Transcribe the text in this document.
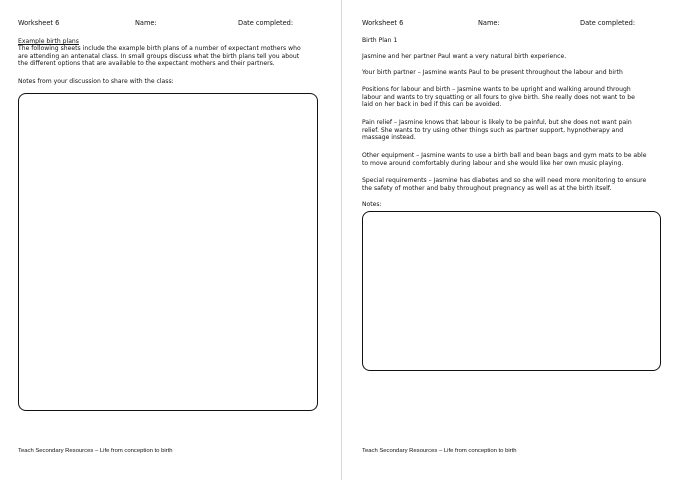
Worksheet 6	Name:	Date completed:
Example birth plans
The following sheets include the example birth plans of a number of expectant mothers who
are attending an antenatal class. In small groups discuss what the birth plans tell you about
the different options that are available to the expectant mothers and their partners.
Notes from your discussion to share with the class:
Teach Secondary Resources – Life from conception to birth
Worksheet 6	Name:	Date completed:
Birth Plan 1
Jasmine and her partner Paul want a very natural birth experience.
Your birth partner – Jasmine wants Paul to be present throughout the labour and birth
Positions for labour and birth – Jasmine wants to be upright and walking around through
labour and wants to try squatting or all fours to give birth. She really does not want to be
laid on her back in bed if this can be avoided.
Pain relief – Jasmine knows that labour is likely to be painful, but she does not want pain
relief. She wants to try using other things such as partner support, hypnotherapy and
massage instead.
Other equipment – Jasmine wants to use a birth ball and bean bags and gym mats to be able
to move around comfortably during labour and she would like her own music playing.
Special requirements – Jasmine has diabetes and so she will need more monitoring to ensure
the safety of mother and baby throughout pregnancy as well as at the birth itself.
Notes:
Teach Secondary Resources – Life from conception to birth
